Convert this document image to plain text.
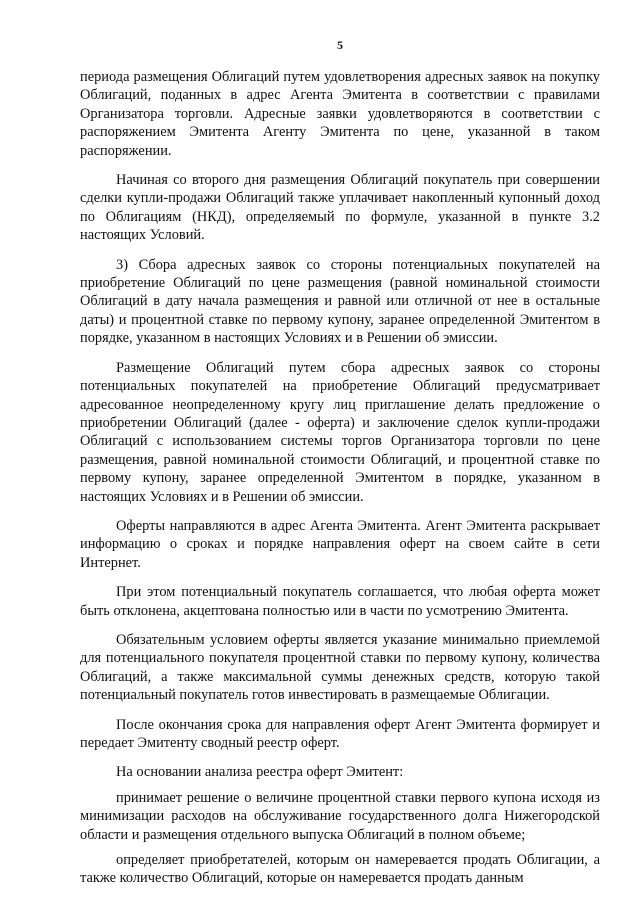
5

периода размещения Облигаций путем удовлетворения адресных заявок на покупку Облигаций, поданных в адрес Агента Эмитента в соответствии с правилами Организатора торговли. Адресные заявки удовлетворяются в соответствии с распоряжением Эмитента Агенту Эмитента по цене, указанной в таком распоряжении.

Начиная со второго дня размещения Облигаций покупатель при совершении сделки купли-продажи Облигаций также уплачивает накопленный купонный доход по Облигациям (НКД), определяемый по формуле, указанной в пункте 3.2 настоящих Условий.

3) Сбора адресных заявок со стороны потенциальных покупателей на приобретение Облигаций по цене размещения (равной номинальной стоимости Облигаций в дату начала размещения и равной или отличной от нее в остальные даты) и процентной ставке по первому купону, заранее определенной Эмитентом в порядке, указанном в настоящих Условиях и в Решении об эмиссии.

Размещение Облигаций путем сбора адресных заявок со стороны потенциальных покупателей на приобретение Облигаций предусматривает адресованное неопределенному кругу лиц приглашение делать предложение о приобретении Облигаций (далее - оферта) и заключение сделок купли-продажи Облигаций с использованием системы торгов Организатора торговли по цене размещения, равной номинальной стоимости Облигаций, и процентной ставке по первому купону, заранее определенной Эмитентом в порядке, указанном в настоящих Условиях и в Решении об эмиссии.

Оферты направляются в адрес Агента Эмитента. Агент Эмитента раскрывает информацию о сроках и порядке направления оферт на своем сайте в сети Интернет.

При этом потенциальный покупатель соглашается, что любая оферта может быть отклонена, акцептована полностью или в части по усмотрению Эмитента.

Обязательным условием оферты является указание минимально приемлемой для потенциального покупателя процентной ставки по первому купону, количества Облигаций, а также максимальной суммы денежных средств, которую такой потенциальный покупатель готов инвестировать в размещаемые Облигации.

После окончания срока для направления оферт Агент Эмитента формирует и передает Эмитенту сводный реестр оферт.

На основании анализа реестра оферт Эмитент:

принимает решение о величине процентной ставки первого купона исходя из минимизации расходов на обслуживание государственного долга Нижегородской области и размещения отдельного выпуска Облигаций в полном объеме;

определяет приобретателей, которым он намеревается продать Облигации, а также количество Облигаций, которые он намеревается продать данным
